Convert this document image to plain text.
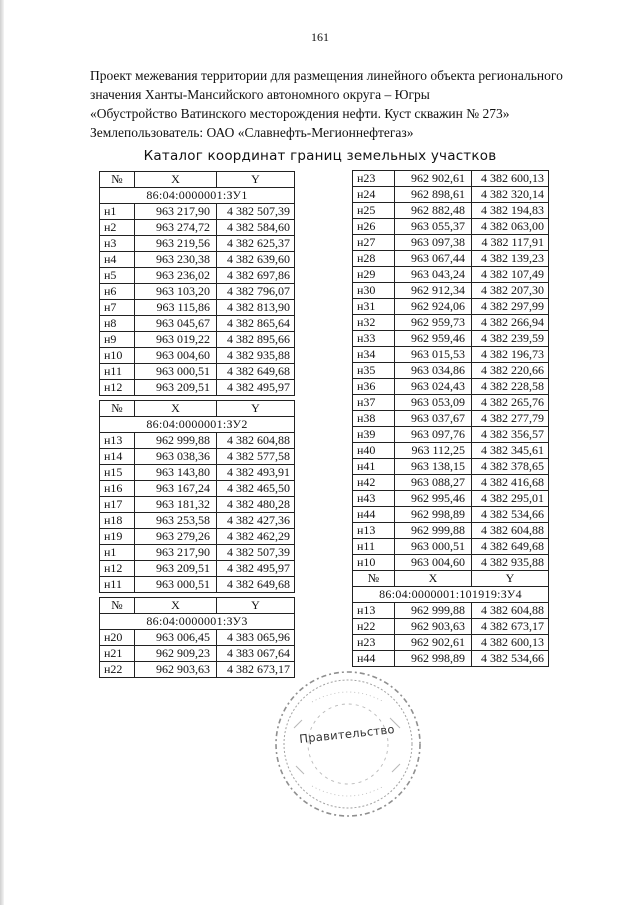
161
Проект межевания территории для размещения линейного объекта регионального
значения Ханты-Мансийского автономного округа – Югры
«Обустройство Ватинского месторождения нефти. Куст скважин № 273»
Землепользователь: ОАО «Славнефть-Мегионнефтегаз»
Каталог координат границ земельных участков
№	X	Y
86:04:0000001:ЗУ1		
н1	963 217,90	4 382 507,39
н2	963 274,72	4 382 584,60
н3	963 219,56	4 382 625,37
н4	963 230,38	4 382 639,60
н5	963 236,02	4 382 697,86
н6	963 103,20	4 382 796,07
н7	963 115,86	4 382 813,90
н8	963 045,67	4 382 865,64
н9	963 019,22	4 382 895,66
н10	963 004,60	4 382 935,88
н11	963 000,51	4 382 649,68
н12	963 209,51	4 382 495,97
№	X	Y
86:04:0000001:ЗУ2		
н13	962 999,88	4 382 604,88
н14	963 038,36	4 382 577,58
н15	963 143,80	4 382 493,91
н16	963 167,24	4 382 465,50
н17	963 181,32	4 382 480,28
н18	963 253,58	4 382 427,36
н19	963 279,26	4 382 462,29
н1	963 217,90	4 382 507,39
н12	963 209,51	4 382 495,97
н11	963 000,51	4 382 649,68
№	X	Y
86:04:0000001:ЗУ3		
н20	963 006,45	4 383 065,96
н21	962 909,23	4 383 067,64
н22	962 903,63	4 382 673,17
н23	962 902,61	4 382 600,13
н24	962 898,61	4 382 320,14
н25	962 882,48	4 382 194,83
н26	963 055,37	4 382 063,00
н27	963 097,38	4 382 117,91
н28	963 067,44	4 382 139,23
н29	963 043,24	4 382 107,49
н30	962 912,34	4 382 207,30
н31	962 924,06	4 382 297,99
н32	962 959,73	4 382 266,94
н33	962 959,46	4 382 239,59
н34	963 015,53	4 382 196,73
н35	963 034,86	4 382 220,66
н36	963 024,43	4 382 228,58
н37	963 053,09	4 382 265,76
н38	963 037,67	4 382 277,79
н39	963 097,76	4 382 356,57
н40	963 112,25	4 382 345,61
н41	963 138,15	4 382 378,65
н42	963 088,27	4 382 416,68
н43	962 995,46	4 382 295,01
н44	962 998,89	4 382 534,66
н13	962 999,88	4 382 604,88
н11	963 000,51	4 382 649,68
н10	963 004,60	4 382 935,88
№	X	Y
86:04:0000001:101919:ЗУ4		
н13	962 999,88	4 382 604,88
н22	962 903,63	4 382 673,17
н23	962 902,61	4 382 600,13
н44	962 998,89	4 382 534,66
Правительство
